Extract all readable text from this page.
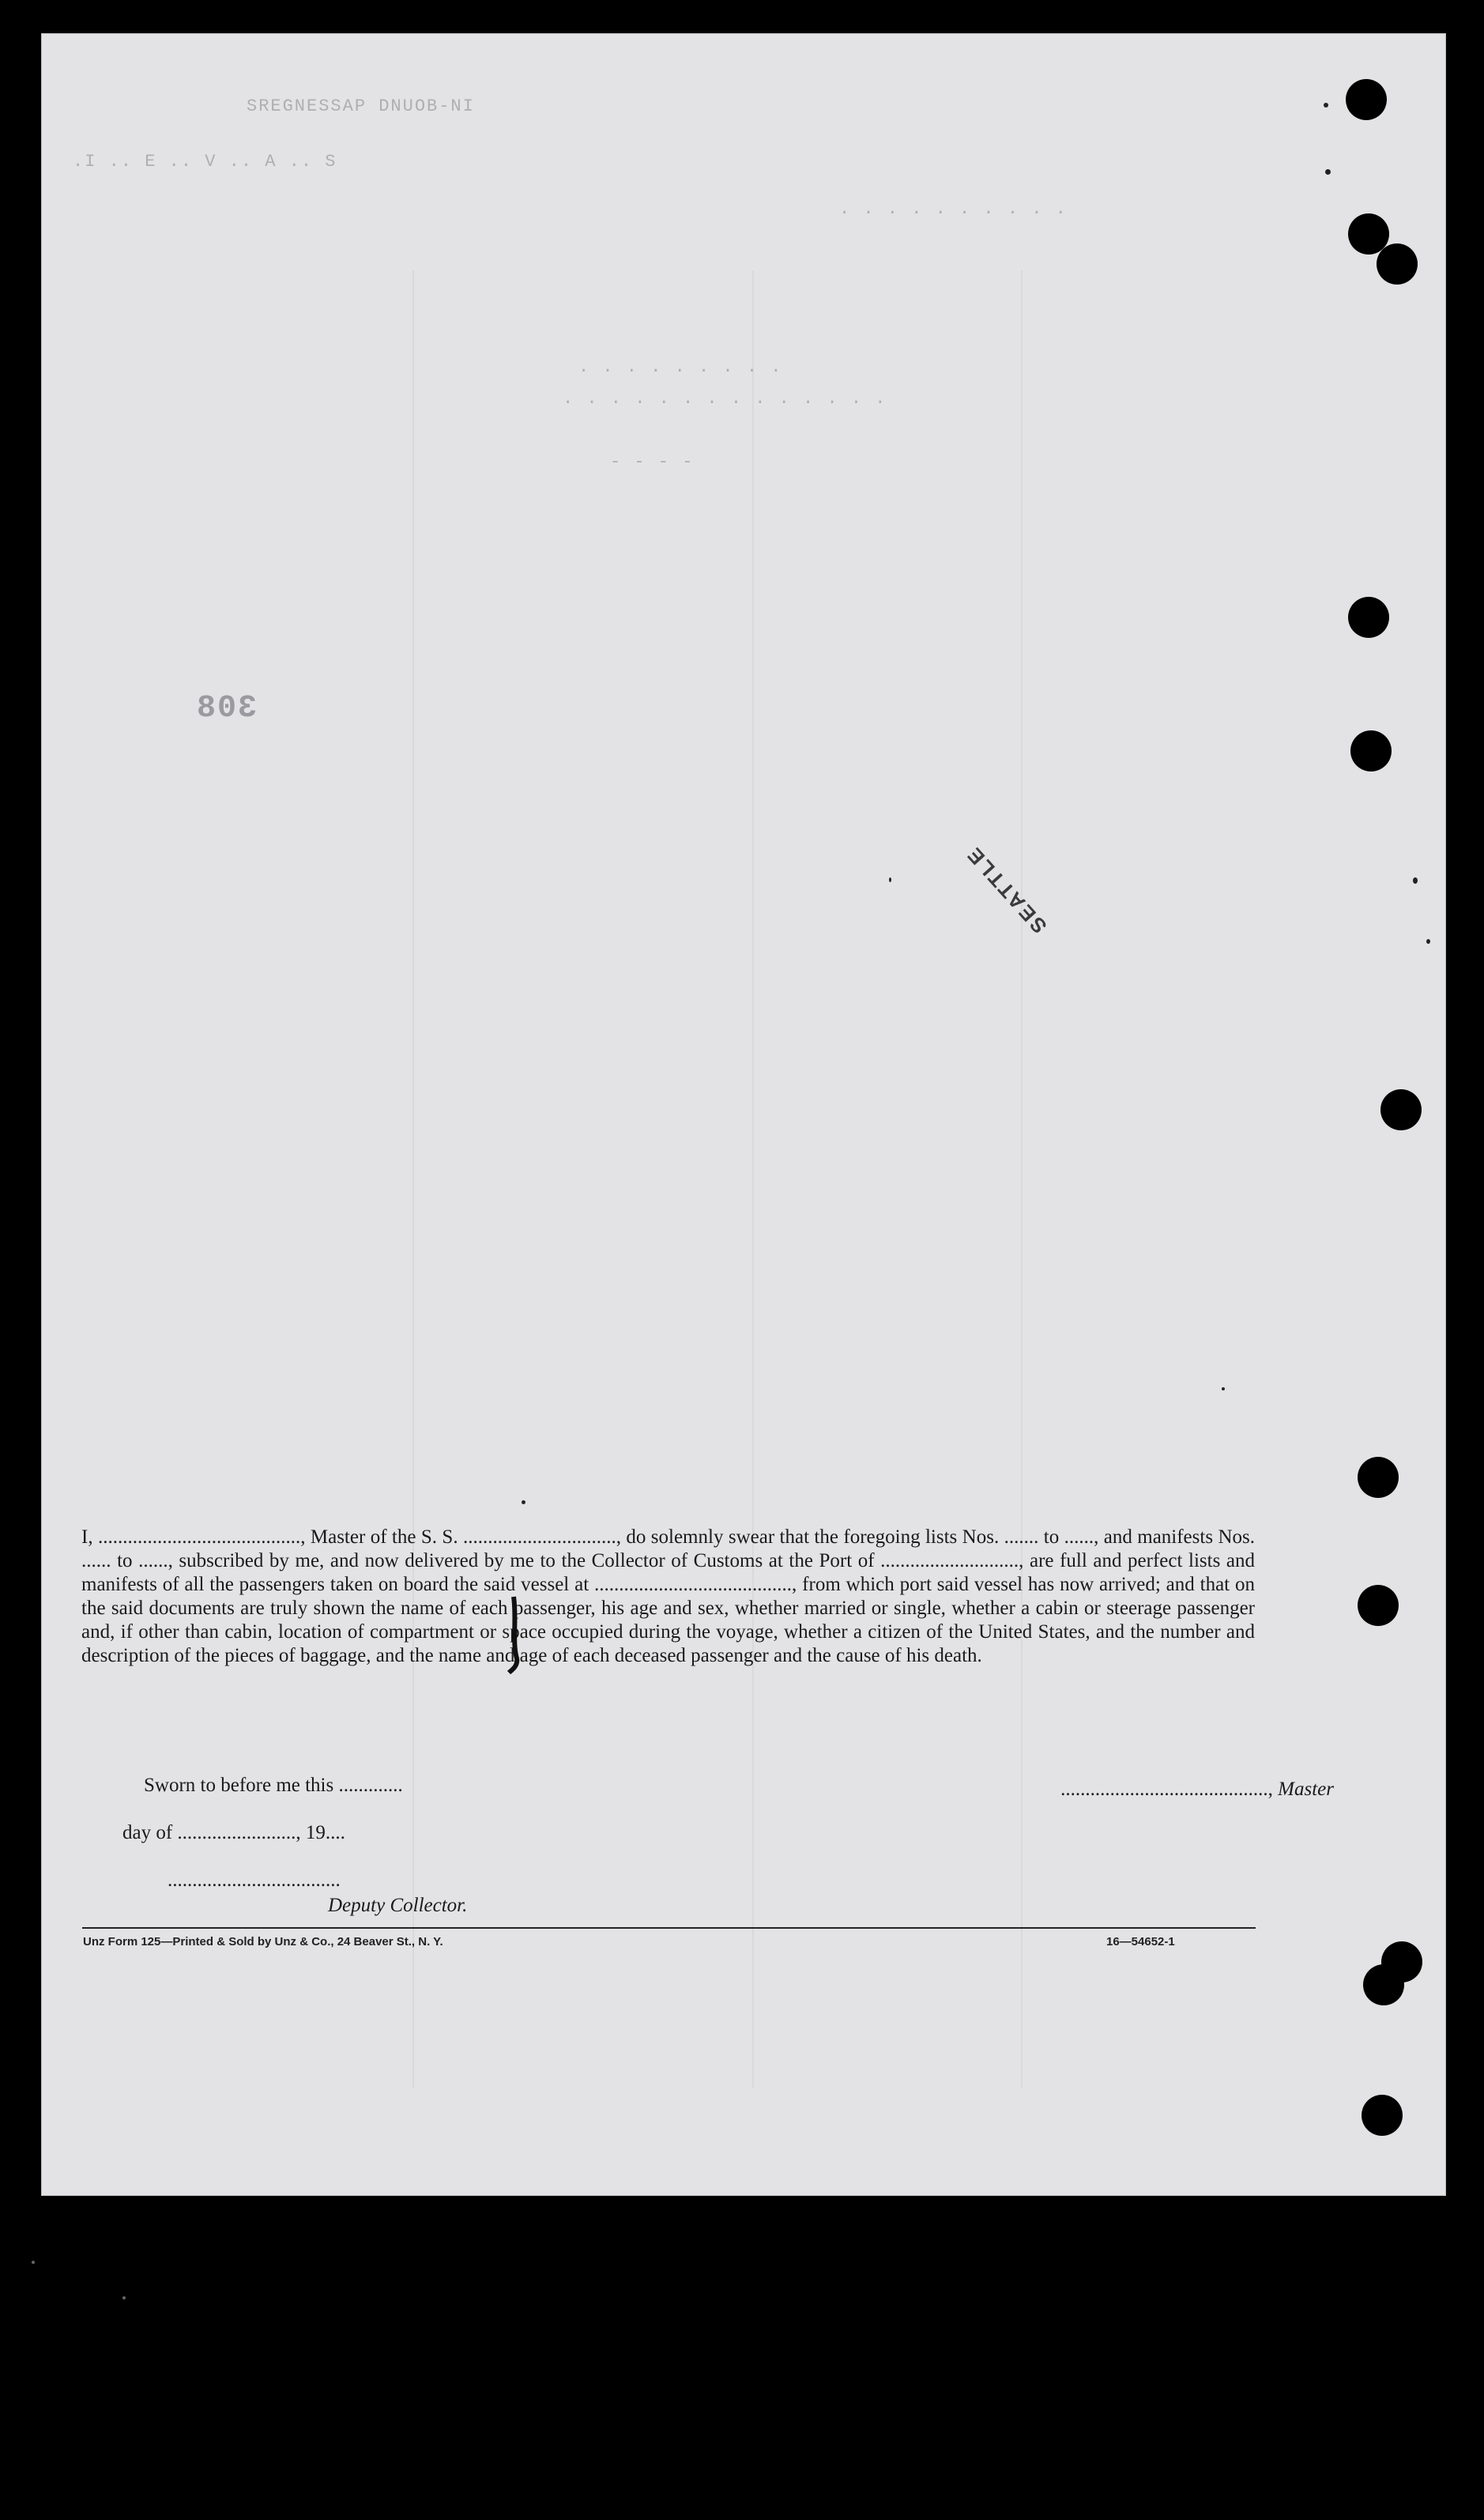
SREGNESSAP DNUOB-NI
.I .. E .. V .. A .. S
. . . . . . . . . .
. . . . . . . . .
. . . . . . . . . . . . . .
- - - -
308
SEATTLE
I, ........................................., Master of the S. S. ..............................., do solemnly swear that the foregoing lists Nos. ....... to ......, and manifests Nos. ...... to ......, subscribed by me, and now delivered by me to the Collector of Customs at the Port of ............................, are full and perfect lists and manifests of all the passengers taken on board the said vessel at ........................................, from which port said vessel has now arrived; and that on the said documents are truly shown the name of each passenger, his age and sex, whether married or single, whether a cabin or steerage passenger and, if other than cabin, location of compartment or space occupied during the voyage, whether a citizen of the United States, and the number and description of the pieces of baggage, and the name and age of each deceased passenger and the cause of his death.
Sworn to before me this .............
day of ........................, 19....
...................................
Deputy Collector.
.........................................., Master
Unz Form 125—Printed & Sold by Unz & Co., 24 Beaver St., N. Y.	16—54652-1
